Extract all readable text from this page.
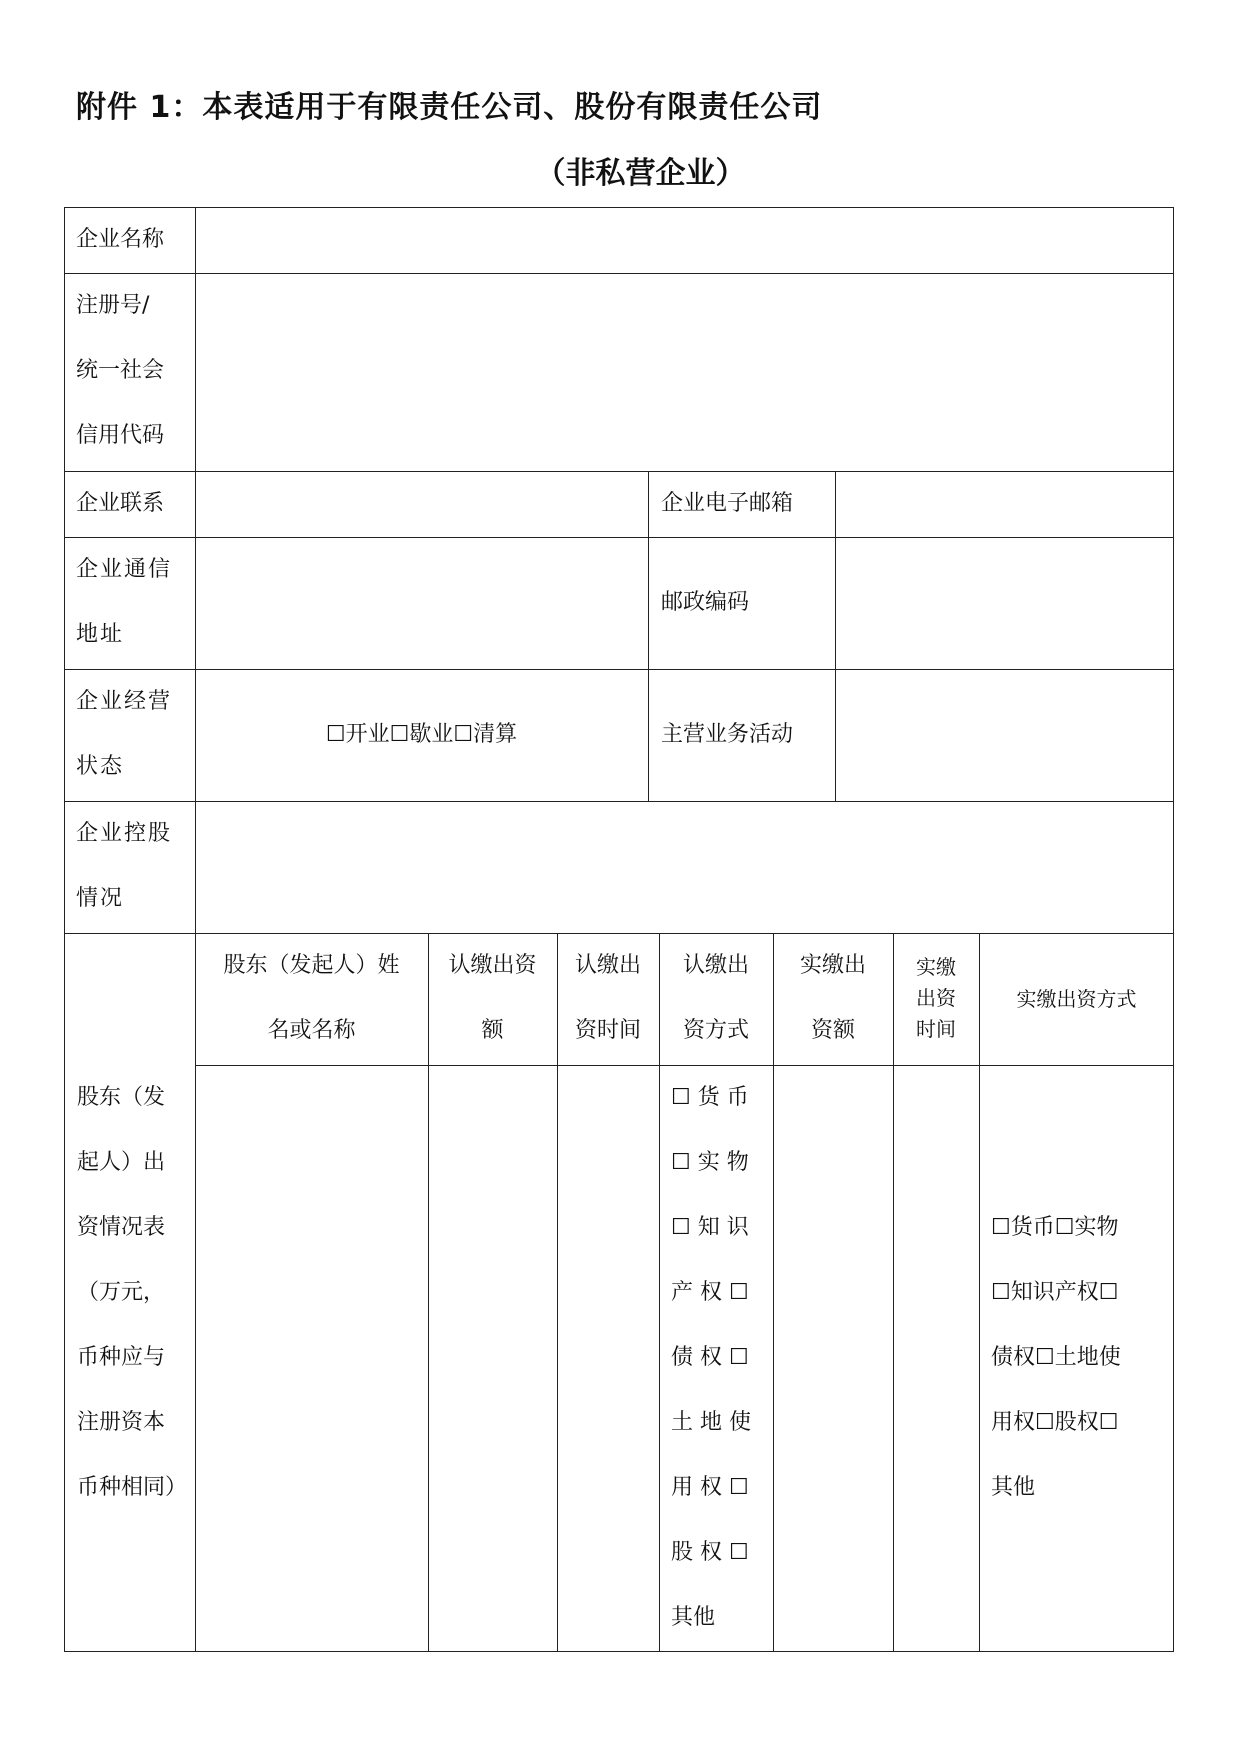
附件 1：本表适用于有限责任公司、股份有限责任公司
（非私营企业）
企业名称
注册号/
统一社会
信用代码
企业联系	企业电子邮箱
企业通信
地址
邮政编码
企业经营
状态
☐开业☐歇业☐清算	主营业务活动
企业控股
情况
股东（发
起人）出
资情况表
（万元，
币种应与
注册资本
币种相同）
股东（发起人）姓
名或名称
认缴出资
额
认缴出
资时间
认缴出
资方式
实缴出
资额
实缴
出资
时间
实缴出资方式
☐ 货 币
☐ 实 物
☐ 知 识
产 权 ☐
债 权 ☐
土 地 使
用 权 ☐
股 权 ☐
其他
☐货币☐实物
☐知识产权☐
债权☐土地使
用权☐股权☐
其他
